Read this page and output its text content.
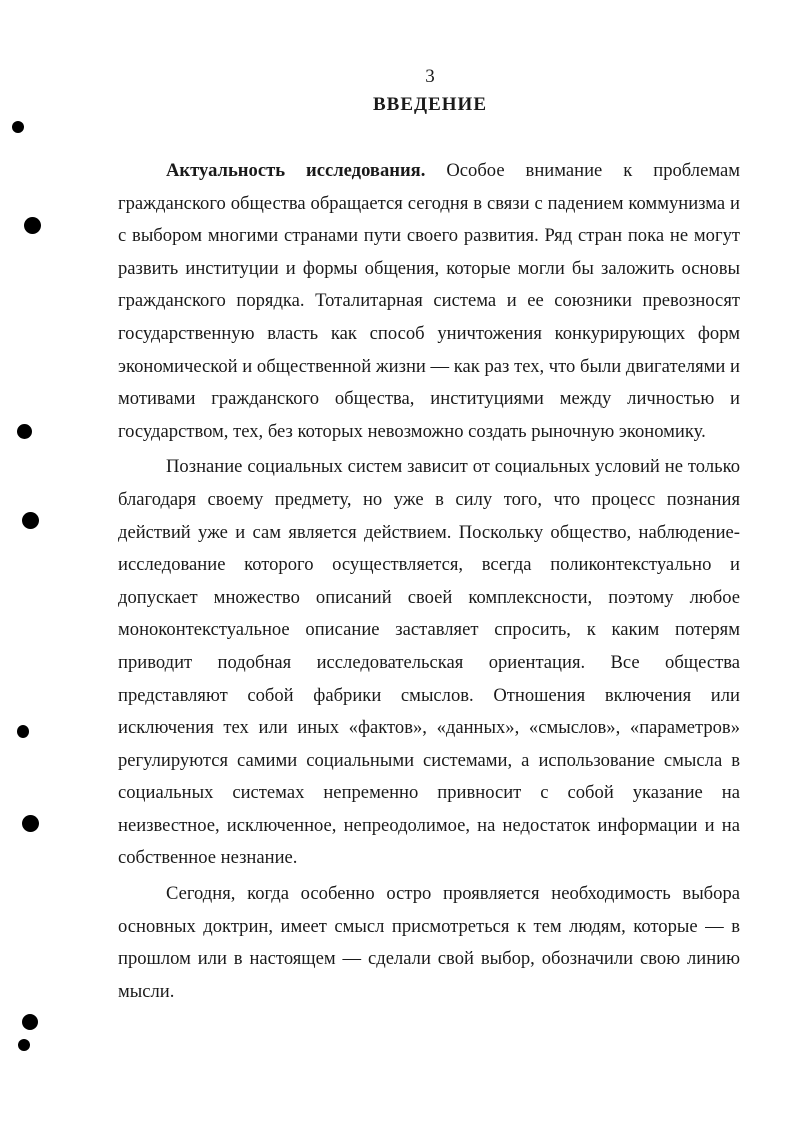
3
ВВЕДЕНИЕ

Актуальность исследования. Особое внимание к проблемам гражданского общества обращается сегодня в связи с падением коммунизма и с выбором многими странами пути своего развития. Ряд стран пока не могут развить институции и формы общения, которые могли бы заложить основы гражданского порядка. Тоталитарная система и ее союзники превозносят государственную власть как способ уничтожения конкурирующих форм экономической и общественной жизни — как раз тех, что были двигателями и мотивами гражданского общества, институциями между личностью и государством, тех, без которых невозможно создать рыночную экономику.

Познание социальных систем зависит от социальных условий не только благодаря своему предмету, но уже в силу того, что процесс познания действий уже и сам является действием. Поскольку общество, наблюдение-исследование которого осуществляется, всегда поликонтекстуально и допускает множество описаний своей комплексности, поэтому любое моноконтекстуальное описание заставляет спросить, к каким потерям приводит подобная исследовательская ориентация. Все общества представляют собой фабрики смыслов. Отношения включения или исключения тех или иных «фактов», «данных», «смыслов», «параметров» регулируются самими социальными системами, а использование смысла в социальных системах непременно привносит с собой указание на неизвестное, исключенное, непреодолимое, на недостаток информации и на собственное незнание.

Сегодня, когда особенно остро проявляется необходимость выбора основных доктрин, имеет смысл присмотреться к тем людям, которые — в прошлом или в настоящем — сделали свой выбор, обозначили свою линию мысли.
